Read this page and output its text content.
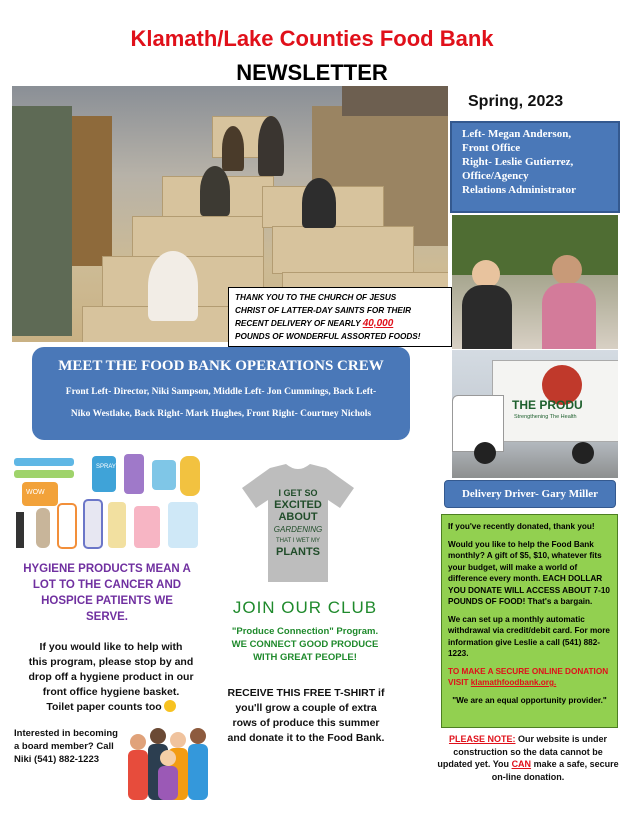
Klamath/Lake Counties Food Bank
NEWSLETTER
Spring, 2023
THANK YOU TO THE CHURCH OF JESUS
CHRIST OF LATTER-DAY SAINTS FOR THEIR
RECENT DELIVERY OF NEARLY 40,000
POUNDS OF WONDERFUL ASSORTED FOODS!
Left- Megan Anderson,
Front Office
Right- Leslie Gutierrez,
Office/Agency
Relations Administrator
THE PRODU
Strengthening The Health
Delivery Driver- Gary Miller
MEET THE FOOD BANK OPERATIONS CREW
Front Left- Director, Niki Sampson, Middle Left- Jon Cummings, Back Left-
Niko Westlake, Back Right- Mark Hughes, Front Right- Courtney Nichols
SPRAY
WOW
HYGIENE PRODUCTS MEAN A
LOT TO THE CANCER AND
HOSPICE PATIENTS WE
SERVE.
If you would like to help with
this program, please stop by and
drop off a hygiene product in our
front office hygiene basket.
Toilet paper counts too
Interested in becoming
a board member? Call
Niki (541) 882-1223
I GET SO
EXCITED
ABOUT
GARDENING
THAT I WET MY
PLANTS
JOIN OUR CLUB
"Produce Connection" Program.
WE CONNECT GOOD PRODUCE
WITH GREAT PEOPLE!
RECEIVE THIS FREE T-SHIRT if
you'll grow a couple of extra
rows of produce this summer
and donate it to the Food Bank.

If you've recently donated, thank you!

Would you like to help the Food Bank monthly? A gift of $5, $10, whatever fits your budget, will make a world of difference every month. EACH DOLLAR YOU DONATE WILL ACCESS ABOUT 7-10 POUNDS OF FOOD! That's a bargain.

We can set up a monthly automatic withdrawal via credit/debit card. For more information give Leslie a call (541) 882-1223.

TO MAKE A SECURE ONLINE DONATION VISIT klamathfoodbank.org.

"We are an equal opportunity provider."

PLEASE NOTE: Our website is under construction so the data cannot be updated yet. You CAN make a safe, secure on-line donation.
